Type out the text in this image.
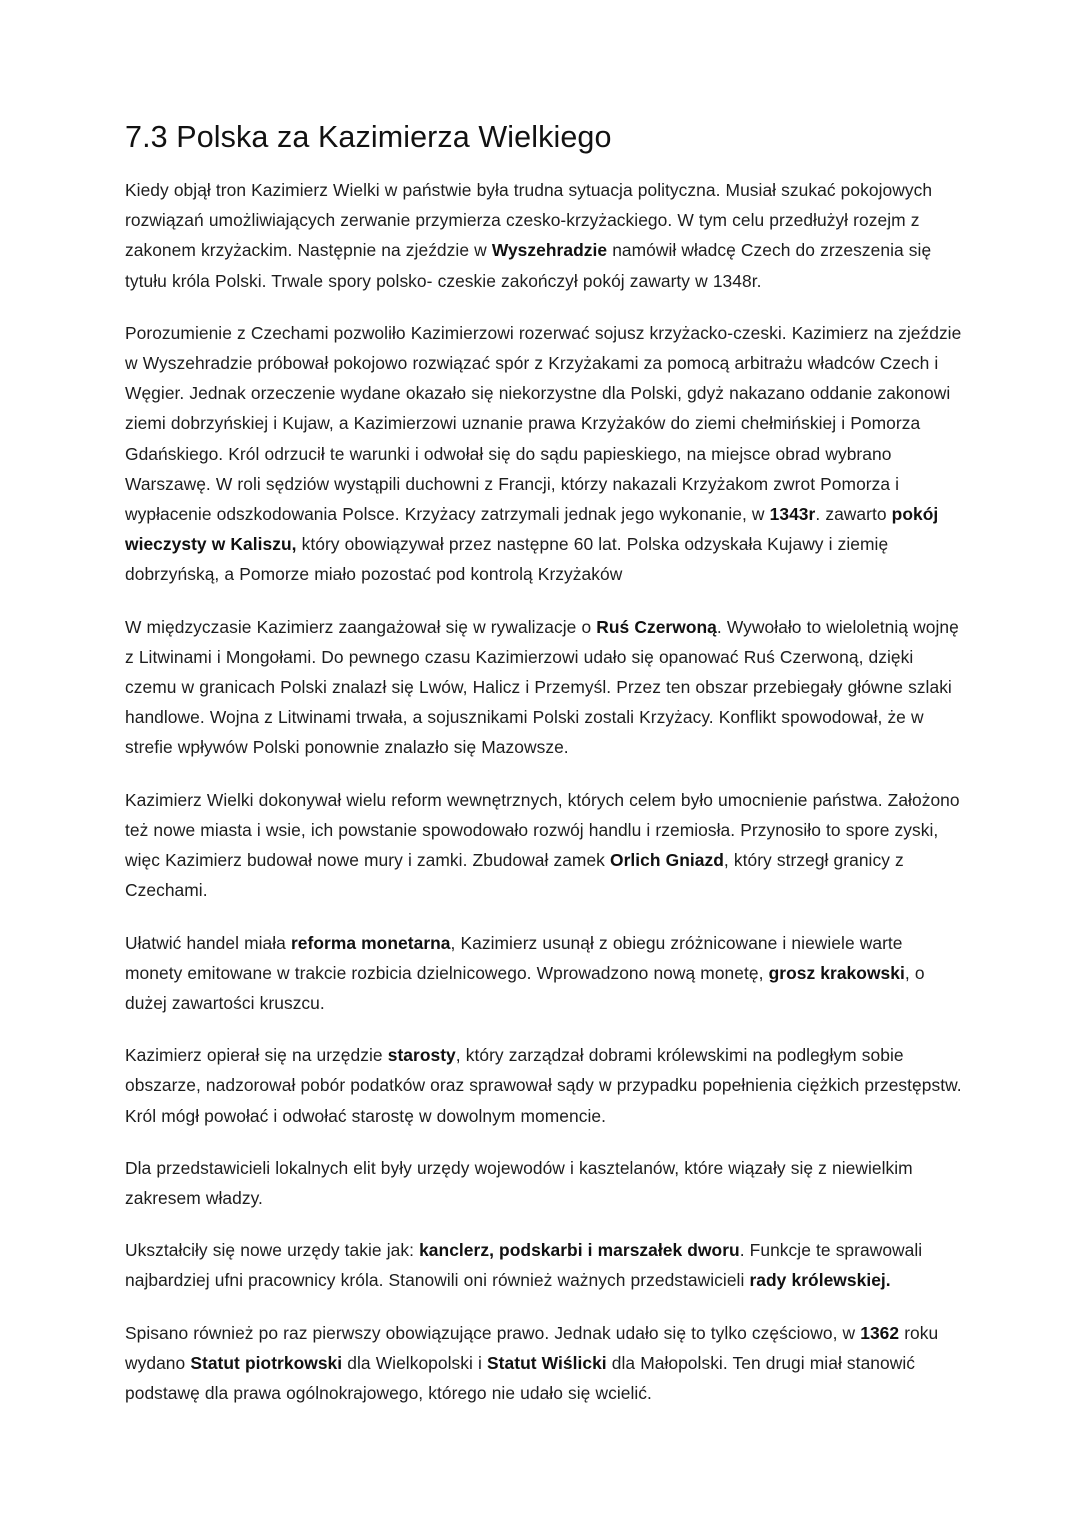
7.3 Polska za Kazimierza Wielkiego

Kiedy objął tron Kazimierz Wielki w państwie była trudna sytuacja polityczna. Musiał szukać pokojowych rozwiązań umożliwiających zerwanie przymierza czesko-krzyżackiego. W tym celu przedłużył rozejm z zakonem krzyżackim. Następnie na zjeździe w Wyszehradzie namówił władcę Czech do zrzeszenia się tytułu króla Polski. Trwale spory polsko- czeskie zakończył pokój zawarty w 1348r.

Porozumienie z Czechami pozwoliło Kazimierzowi rozerwać sojusz krzyżacko-czeski. Kazimierz na zjeździe w Wyszehradzie próbował pokojowo rozwiązać spór z Krzyżakami za pomocą arbitrażu władców Czech i Węgier. Jednak orzeczenie wydane okazało się niekorzystne dla Polski, gdyż nakazano oddanie zakonowi ziemi dobrzyńskiej i Kujaw, a Kazimierzowi uznanie prawa Krzyżaków do ziemi chełmińskiej i Pomorza Gdańskiego. Król odrzucił te warunki i odwołał się do sądu papieskiego, na miejsce obrad wybrano Warszawę. W roli sędziów wystąpili duchowni z Francji, którzy nakazali Krzyżakom zwrot Pomorza i wypłacenie odszkodowania Polsce. Krzyżacy zatrzymali jednak jego wykonanie, w 1343r. zawarto pokój wieczysty w Kaliszu, który obowiązywał przez następne 60 lat. Polska odzyskała Kujawy i ziemię dobrzyńską, a Pomorze miało pozostać pod kontrolą Krzyżaków

W międzyczasie Kazimierz zaangażował się w rywalizacje o Ruś Czerwoną. Wywołało to wieloletnią wojnę z Litwinami i Mongołami. Do pewnego czasu Kazimierzowi udało się opanować Ruś Czerwoną, dzięki czemu w granicach Polski znalazł się Lwów, Halicz i Przemyśl. Przez ten obszar przebiegały główne szlaki handlowe. Wojna z Litwinami trwała, a sojusznikami Polski zostali Krzyżacy. Konflikt spowodował, że w strefie wpływów Polski ponownie znalazło się Mazowsze.

Kazimierz Wielki dokonywał wielu reform wewnętrznych, których celem było umocnienie państwa. Założono też nowe miasta i wsie, ich powstanie spowodowało rozwój handlu i rzemiosła. Przynosiło to spore zyski, więc Kazimierz budował nowe mury i zamki. Zbudował zamek Orlich Gniazd, który strzegł granicy z Czechami.

Ułatwić handel miała reforma monetarna, Kazimierz usunął z obiegu zróżnicowane i niewiele warte monety emitowane w trakcie rozbicia dzielnicowego. Wprowadzono nową monetę, grosz krakowski, o dużej zawartości kruszcu.

Kazimierz opierał się na urzędzie starosty, który zarządzał dobrami królewskimi na podległym sobie obszarze, nadzorował pobór podatków oraz sprawował sądy w przypadku popełnienia ciężkich przestępstw. Król mógł powołać i odwołać starostę w dowolnym momencie.

Dla przedstawicieli lokalnych elit były urzędy wojewodów i kasztelanów, które wiązały się z niewielkim zakresem władzy.

Ukształciły się nowe urzędy takie jak: kanclerz, podskarbi i marszałek dworu. Funkcje te sprawowali najbardziej ufni pracownicy króla. Stanowili oni również ważnych przedstawicieli rady królewskiej.

Spisano również po raz pierwszy obowiązujące prawo. Jednak udało się to tylko częściowo, w 1362 roku wydano Statut piotrkowski dla Wielkopolski i Statut Wiślicki dla Małopolski. Ten drugi miał stanowić podstawę dla prawa ogólnokrajowego, którego nie udało się wcielić.
